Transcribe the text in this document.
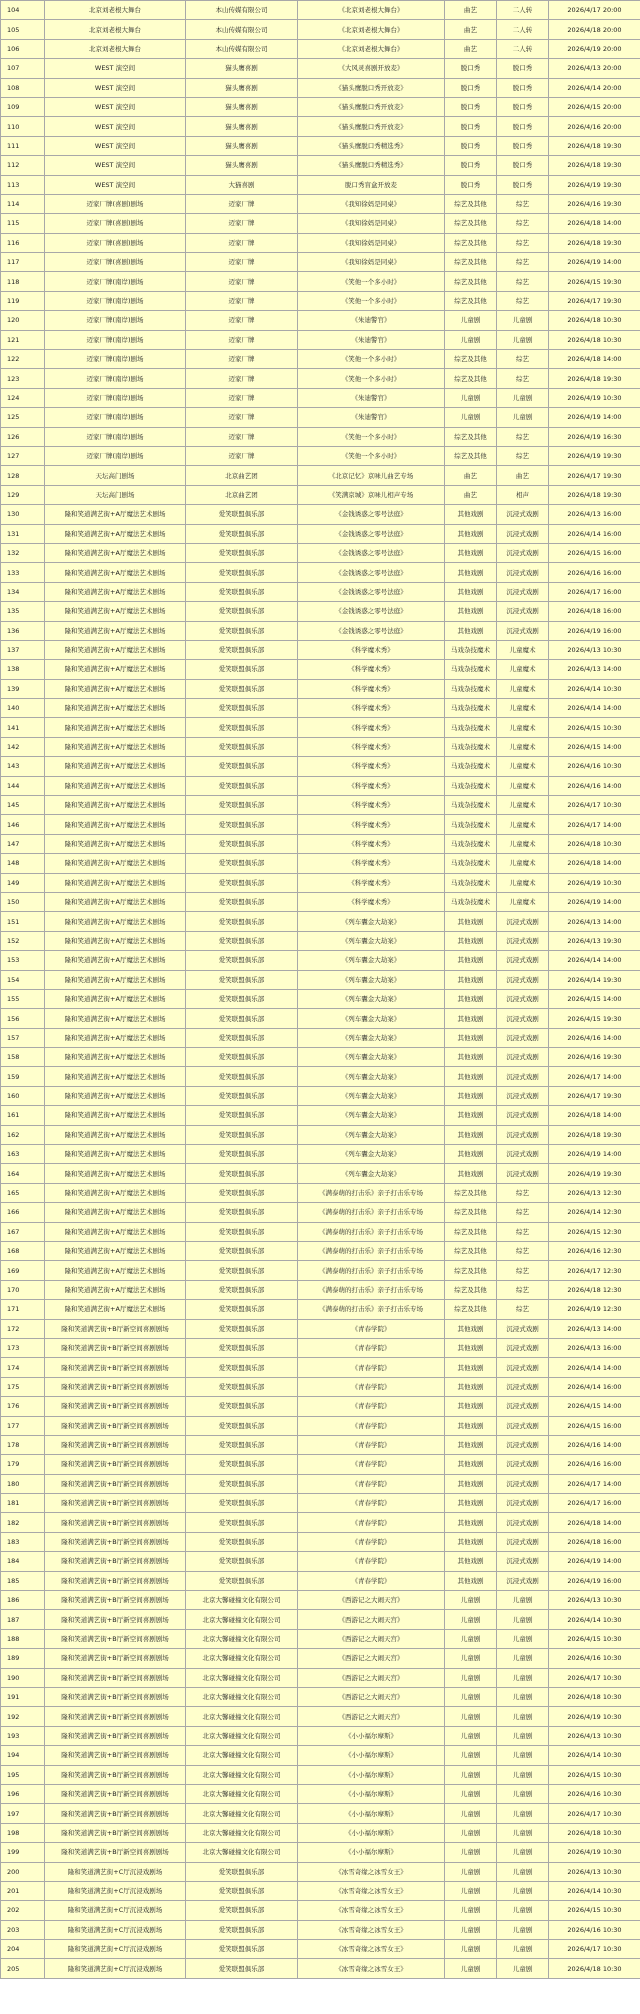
104	北京刘老根大舞台	本山传媒有限公司	《北京刘老根大舞台》	曲艺	二人转	2026/4/17 20:00
105	北京刘老根大舞台	本山传媒有限公司	《北京刘老根大舞台》	曲艺	二人转	2026/4/18 20:00
106	北京刘老根大舞台	本山传媒有限公司	《北京刘老根大舞台》	曲艺	二人转	2026/4/19 20:00
107	WEST 演空间	猫头鹰喜剧	《大风灵喜剧开放麦》	脱口秀	脱口秀	2026/4/13 20:00
108	WEST 演空间	猫头鹰喜剧	《猫头鹰脱口秀开放麦》	脱口秀	脱口秀	2026/4/14 20:00
109	WEST 演空间	猫头鹰喜剧	《猫头鹰脱口秀开放麦》	脱口秀	脱口秀	2026/4/15 20:00
110	WEST 演空间	猫头鹰喜剧	《猫头鹰脱口秀开放麦》	脱口秀	脱口秀	2026/4/16 20:00
111	WEST 演空间	猫头鹰喜剧	《猫头鹰脱口秀精选秀》	脱口秀	脱口秀	2026/4/18 19:30
112	WEST 演空间	猫头鹰喜剧	《猫头鹰脱口秀精选秀》	脱口秀	脱口秀	2026/4/18 19:30
113	WEST 演空间	大猫喜剧	脱口秀盲盒开放麦	脱口秀	脱口秀	2026/4/19 19:30
114	迈家厂牌(喜剧)剧场	迈家厂牌	《我知徐妈是同桌》	综艺及其他	综艺	2026/4/16 19:30
115	迈家厂牌(喜剧)剧场	迈家厂牌	《我知徐妈是同桌》	综艺及其他	综艺	2026/4/18 14:00
116	迈家厂牌(喜剧)剧场	迈家厂牌	《我知徐妈是同桌》	综艺及其他	综艺	2026/4/18 19:30
117	迈家厂牌(喜剧)剧场	迈家厂牌	《我知徐妈是同桌》	综艺及其他	综艺	2026/4/19 14:00
118	迈家厂牌(南岸)剧场	迈家厂牌	《笑他一个多小时》	综艺及其他	综艺	2026/4/15 19:30
119	迈家厂牌(南岸)剧场	迈家厂牌	《笑他一个多小时》	综艺及其他	综艺	2026/4/17 19:30
120	迈家厂牌(南岸)剧场	迈家厂牌	《朱迪警官》	儿童剧	儿童剧	2026/4/18 10:30
121	迈家厂牌(南岸)剧场	迈家厂牌	《朱迪警官》	儿童剧	儿童剧	2026/4/18 10:30
122	迈家厂牌(南岸)剧场	迈家厂牌	《笑他一个多小时》	综艺及其他	综艺	2026/4/18 14:00
123	迈家厂牌(南岸)剧场	迈家厂牌	《笑他一个多小时》	综艺及其他	综艺	2026/4/18 19:30
124	迈家厂牌(南岸)剧场	迈家厂牌	《朱迪警官》	儿童剧	儿童剧	2026/4/19 10:30
125	迈家厂牌(南岸)剧场	迈家厂牌	《朱迪警官》	儿童剧	儿童剧	2026/4/19 14:00
126	迈家厂牌(南岸)剧场	迈家厂牌	《笑他一个多小时》	综艺及其他	综艺	2026/4/19 16:30
127	迈家厂牌(南岸)剧场	迈家厂牌	《笑他一个多小时》	综艺及其他	综艺	2026/4/19 19:30
128	天坛高门剧场	北京曲艺团	《北京记忆》京味儿曲艺专场	曲艺	曲艺	2026/4/17 19:30
129	天坛高门剧场	北京曲艺团	《笑满京城》京味儿相声专场	曲艺	相声	2026/4/18 19:30
130	隆和笑道满艺街+A厅魔法艺术剧场	爱笑联盟俱乐部	《金钱诱惑之零号法庭》	其他戏剧	沉浸式戏剧	2026/4/13 16:00
131	隆和笑道满艺街+A厅魔法艺术剧场	爱笑联盟俱乐部	《金钱诱惑之零号法庭》	其他戏剧	沉浸式戏剧	2026/4/14 16:00
132	隆和笑道满艺街+A厅魔法艺术剧场	爱笑联盟俱乐部	《金钱诱惑之零号法庭》	其他戏剧	沉浸式戏剧	2026/4/15 16:00
133	隆和笑道满艺街+A厅魔法艺术剧场	爱笑联盟俱乐部	《金钱诱惑之零号法庭》	其他戏剧	沉浸式戏剧	2026/4/16 16:00
134	隆和笑道满艺街+A厅魔法艺术剧场	爱笑联盟俱乐部	《金钱诱惑之零号法庭》	其他戏剧	沉浸式戏剧	2026/4/17 16:00
135	隆和笑道满艺街+A厅魔法艺术剧场	爱笑联盟俱乐部	《金钱诱惑之零号法庭》	其他戏剧	沉浸式戏剧	2026/4/18 16:00
136	隆和笑道满艺街+A厅魔法艺术剧场	爱笑联盟俱乐部	《金钱诱惑之零号法庭》	其他戏剧	沉浸式戏剧	2026/4/19 16:00
137	隆和笑道满艺街+A厅魔法艺术剧场	爱笑联盟俱乐部	《科学魔术秀》	马戏杂技魔术	儿童魔术	2026/4/13 10:30
138	隆和笑道满艺街+A厅魔法艺术剧场	爱笑联盟俱乐部	《科学魔术秀》	马戏杂技魔术	儿童魔术	2026/4/13 14:00
139	隆和笑道满艺街+A厅魔法艺术剧场	爱笑联盟俱乐部	《科学魔术秀》	马戏杂技魔术	儿童魔术	2026/4/14 10:30
140	隆和笑道满艺街+A厅魔法艺术剧场	爱笑联盟俱乐部	《科学魔术秀》	马戏杂技魔术	儿童魔术	2026/4/14 14:00
141	隆和笑道满艺街+A厅魔法艺术剧场	爱笑联盟俱乐部	《科学魔术秀》	马戏杂技魔术	儿童魔术	2026/4/15 10:30
142	隆和笑道满艺街+A厅魔法艺术剧场	爱笑联盟俱乐部	《科学魔术秀》	马戏杂技魔术	儿童魔术	2026/4/15 14:00
143	隆和笑道满艺街+A厅魔法艺术剧场	爱笑联盟俱乐部	《科学魔术秀》	马戏杂技魔术	儿童魔术	2026/4/16 10:30
144	隆和笑道满艺街+A厅魔法艺术剧场	爱笑联盟俱乐部	《科学魔术秀》	马戏杂技魔术	儿童魔术	2026/4/16 14:00
145	隆和笑道满艺街+A厅魔法艺术剧场	爱笑联盟俱乐部	《科学魔术秀》	马戏杂技魔术	儿童魔术	2026/4/17 10:30
146	隆和笑道满艺街+A厅魔法艺术剧场	爱笑联盟俱乐部	《科学魔术秀》	马戏杂技魔术	儿童魔术	2026/4/17 14:00
147	隆和笑道满艺街+A厅魔法艺术剧场	爱笑联盟俱乐部	《科学魔术秀》	马戏杂技魔术	儿童魔术	2026/4/18 10:30
148	隆和笑道满艺街+A厅魔法艺术剧场	爱笑联盟俱乐部	《科学魔术秀》	马戏杂技魔术	儿童魔术	2026/4/18 14:00
149	隆和笑道满艺街+A厅魔法艺术剧场	爱笑联盟俱乐部	《科学魔术秀》	马戏杂技魔术	儿童魔术	2026/4/19 10:30
150	隆和笑道满艺街+A厅魔法艺术剧场	爱笑联盟俱乐部	《科学魔术秀》	马戏杂技魔术	儿童魔术	2026/4/19 14:00
151	隆和笑道满艺街+A厅魔法艺术剧场	爱笑联盟俱乐部	《列车囊金大劫案》	其他戏剧	沉浸式戏剧	2026/4/13 14:00
152	隆和笑道满艺街+A厅魔法艺术剧场	爱笑联盟俱乐部	《列车囊金大劫案》	其他戏剧	沉浸式戏剧	2026/4/13 19:30
153	隆和笑道满艺街+A厅魔法艺术剧场	爱笑联盟俱乐部	《列车囊金大劫案》	其他戏剧	沉浸式戏剧	2026/4/14 14:00
154	隆和笑道满艺街+A厅魔法艺术剧场	爱笑联盟俱乐部	《列车囊金大劫案》	其他戏剧	沉浸式戏剧	2026/4/14 19:30
155	隆和笑道满艺街+A厅魔法艺术剧场	爱笑联盟俱乐部	《列车囊金大劫案》	其他戏剧	沉浸式戏剧	2026/4/15 14:00
156	隆和笑道满艺街+A厅魔法艺术剧场	爱笑联盟俱乐部	《列车囊金大劫案》	其他戏剧	沉浸式戏剧	2026/4/15 19:30
157	隆和笑道满艺街+A厅魔法艺术剧场	爱笑联盟俱乐部	《列车囊金大劫案》	其他戏剧	沉浸式戏剧	2026/4/16 14:00
158	隆和笑道满艺街+A厅魔法艺术剧场	爱笑联盟俱乐部	《列车囊金大劫案》	其他戏剧	沉浸式戏剧	2026/4/16 19:30
159	隆和笑道满艺街+A厅魔法艺术剧场	爱笑联盟俱乐部	《列车囊金大劫案》	其他戏剧	沉浸式戏剧	2026/4/17 14:00
160	隆和笑道满艺街+A厅魔法艺术剧场	爱笑联盟俱乐部	《列车囊金大劫案》	其他戏剧	沉浸式戏剧	2026/4/17 19:30
161	隆和笑道满艺街+A厅魔法艺术剧场	爱笑联盟俱乐部	《列车囊金大劫案》	其他戏剧	沉浸式戏剧	2026/4/18 14:00
162	隆和笑道满艺街+A厅魔法艺术剧场	爱笑联盟俱乐部	《列车囊金大劫案》	其他戏剧	沉浸式戏剧	2026/4/18 19:30
163	隆和笑道满艺街+A厅魔法艺术剧场	爱笑联盟俱乐部	《列车囊金大劫案》	其他戏剧	沉浸式戏剧	2026/4/19 14:00
164	隆和笑道满艺街+A厅魔法艺术剧场	爱笑联盟俱乐部	《列车囊金大劫案》	其他戏剧	沉浸式戏剧	2026/4/19 19:30
165	隆和笑道满艺街+A厅魔法艺术剧场	爱笑联盟俱乐部	《满泰萌的打击乐》亲子打击乐专场	综艺及其他	综艺	2026/4/13 12:30
166	隆和笑道满艺街+A厅魔法艺术剧场	爱笑联盟俱乐部	《满泰萌的打击乐》亲子打击乐专场	综艺及其他	综艺	2026/4/14 12:30
167	隆和笑道满艺街+A厅魔法艺术剧场	爱笑联盟俱乐部	《满泰萌的打击乐》亲子打击乐专场	综艺及其他	综艺	2026/4/15 12:30
168	隆和笑道满艺街+A厅魔法艺术剧场	爱笑联盟俱乐部	《满泰萌的打击乐》亲子打击乐专场	综艺及其他	综艺	2026/4/16 12:30
169	隆和笑道满艺街+A厅魔法艺术剧场	爱笑联盟俱乐部	《满泰萌的打击乐》亲子打击乐专场	综艺及其他	综艺	2026/4/17 12:30
170	隆和笑道满艺街+A厅魔法艺术剧场	爱笑联盟俱乐部	《满泰萌的打击乐》亲子打击乐专场	综艺及其他	综艺	2026/4/18 12:30
171	隆和笑道满艺街+A厅魔法艺术剧场	爱笑联盟俱乐部	《满泰萌的打击乐》亲子打击乐专场	综艺及其他	综艺	2026/4/19 12:30
172	隆和笑道满艺街+B厅新空间喜剧剧场	爱笑联盟俱乐部	《青春学院》	其他戏剧	沉浸式戏剧	2026/4/13 14:00
173	隆和笑道满艺街+B厅新空间喜剧剧场	爱笑联盟俱乐部	《青春学院》	其他戏剧	沉浸式戏剧	2026/4/13 16:00
174	隆和笑道满艺街+B厅新空间喜剧剧场	爱笑联盟俱乐部	《青春学院》	其他戏剧	沉浸式戏剧	2026/4/14 14:00
175	隆和笑道满艺街+B厅新空间喜剧剧场	爱笑联盟俱乐部	《青春学院》	其他戏剧	沉浸式戏剧	2026/4/14 16:00
176	隆和笑道满艺街+B厅新空间喜剧剧场	爱笑联盟俱乐部	《青春学院》	其他戏剧	沉浸式戏剧	2026/4/15 14:00
177	隆和笑道满艺街+B厅新空间喜剧剧场	爱笑联盟俱乐部	《青春学院》	其他戏剧	沉浸式戏剧	2026/4/15 16:00
178	隆和笑道满艺街+B厅新空间喜剧剧场	爱笑联盟俱乐部	《青春学院》	其他戏剧	沉浸式戏剧	2026/4/16 14:00
179	隆和笑道满艺街+B厅新空间喜剧剧场	爱笑联盟俱乐部	《青春学院》	其他戏剧	沉浸式戏剧	2026/4/16 16:00
180	隆和笑道满艺街+B厅新空间喜剧剧场	爱笑联盟俱乐部	《青春学院》	其他戏剧	沉浸式戏剧	2026/4/17 14:00
181	隆和笑道满艺街+B厅新空间喜剧剧场	爱笑联盟俱乐部	《青春学院》	其他戏剧	沉浸式戏剧	2026/4/17 16:00
182	隆和笑道满艺街+B厅新空间喜剧剧场	爱笑联盟俱乐部	《青春学院》	其他戏剧	沉浸式戏剧	2026/4/18 14:00
183	隆和笑道满艺街+B厅新空间喜剧剧场	爱笑联盟俱乐部	《青春学院》	其他戏剧	沉浸式戏剧	2026/4/18 16:00
184	隆和笑道满艺街+B厅新空间喜剧剧场	爱笑联盟俱乐部	《青春学院》	其他戏剧	沉浸式戏剧	2026/4/19 14:00
185	隆和笑道满艺街+B厅新空间喜剧剧场	爱笑联盟俱乐部	《青春学院》	其他戏剧	沉浸式戏剧	2026/4/19 16:00
186	隆和笑道满艺街+B厅新空间喜剧剧场	北京大馨碰撞文化有限公司	《西游记之大闹天宫》	儿童剧	儿童剧	2026/4/13 10:30
187	隆和笑道满艺街+B厅新空间喜剧剧场	北京大馨碰撞文化有限公司	《西游记之大闹天宫》	儿童剧	儿童剧	2026/4/14 10:30
188	隆和笑道满艺街+B厅新空间喜剧剧场	北京大馨碰撞文化有限公司	《西游记之大闹天宫》	儿童剧	儿童剧	2026/4/15 10:30
189	隆和笑道满艺街+B厅新空间喜剧剧场	北京大馨碰撞文化有限公司	《西游记之大闹天宫》	儿童剧	儿童剧	2026/4/16 10:30
190	隆和笑道满艺街+B厅新空间喜剧剧场	北京大馨碰撞文化有限公司	《西游记之大闹天宫》	儿童剧	儿童剧	2026/4/17 10:30
191	隆和笑道满艺街+B厅新空间喜剧剧场	北京大馨碰撞文化有限公司	《西游记之大闹天宫》	儿童剧	儿童剧	2026/4/18 10:30
192	隆和笑道满艺街+B厅新空间喜剧剧场	北京大馨碰撞文化有限公司	《西游记之大闹天宫》	儿童剧	儿童剧	2026/4/19 10:30
193	隆和笑道满艺街+B厅新空间喜剧剧场	北京大馨碰撞文化有限公司	《小小福尔摩斯》	儿童剧	儿童剧	2026/4/13 10:30
194	隆和笑道满艺街+B厅新空间喜剧剧场	北京大馨碰撞文化有限公司	《小小福尔摩斯》	儿童剧	儿童剧	2026/4/14 10:30
195	隆和笑道满艺街+B厅新空间喜剧剧场	北京大馨碰撞文化有限公司	《小小福尔摩斯》	儿童剧	儿童剧	2026/4/15 10:30
196	隆和笑道满艺街+B厅新空间喜剧剧场	北京大馨碰撞文化有限公司	《小小福尔摩斯》	儿童剧	儿童剧	2026/4/16 10:30
197	隆和笑道满艺街+B厅新空间喜剧剧场	北京大馨碰撞文化有限公司	《小小福尔摩斯》	儿童剧	儿童剧	2026/4/17 10:30
198	隆和笑道满艺街+B厅新空间喜剧剧场	北京大馨碰撞文化有限公司	《小小福尔摩斯》	儿童剧	儿童剧	2026/4/18 10:30
199	隆和笑道满艺街+B厅新空间喜剧剧场	北京大馨碰撞文化有限公司	《小小福尔摩斯》	儿童剧	儿童剧	2026/4/19 10:30
200	隆和笑道满艺街+C厅沉浸戏剧场	爱笑联盟俱乐部	《冰雪奇缘之冰雪女王》	儿童剧	儿童剧	2026/4/13 10:30
201	隆和笑道满艺街+C厅沉浸戏剧场	爱笑联盟俱乐部	《冰雪奇缘之冰雪女王》	儿童剧	儿童剧	2026/4/14 10:30
202	隆和笑道满艺街+C厅沉浸戏剧场	爱笑联盟俱乐部	《冰雪奇缘之冰雪女王》	儿童剧	儿童剧	2026/4/15 10:30
203	隆和笑道满艺街+C厅沉浸戏剧场	爱笑联盟俱乐部	《冰雪奇缘之冰雪女王》	儿童剧	儿童剧	2026/4/16 10:30
204	隆和笑道满艺街+C厅沉浸戏剧场	爱笑联盟俱乐部	《冰雪奇缘之冰雪女王》	儿童剧	儿童剧	2026/4/17 10:30
205	隆和笑道满艺街+C厅沉浸戏剧场	爱笑联盟俱乐部	《冰雪奇缘之冰雪女王》	儿童剧	儿童剧	2026/4/18 10:30
